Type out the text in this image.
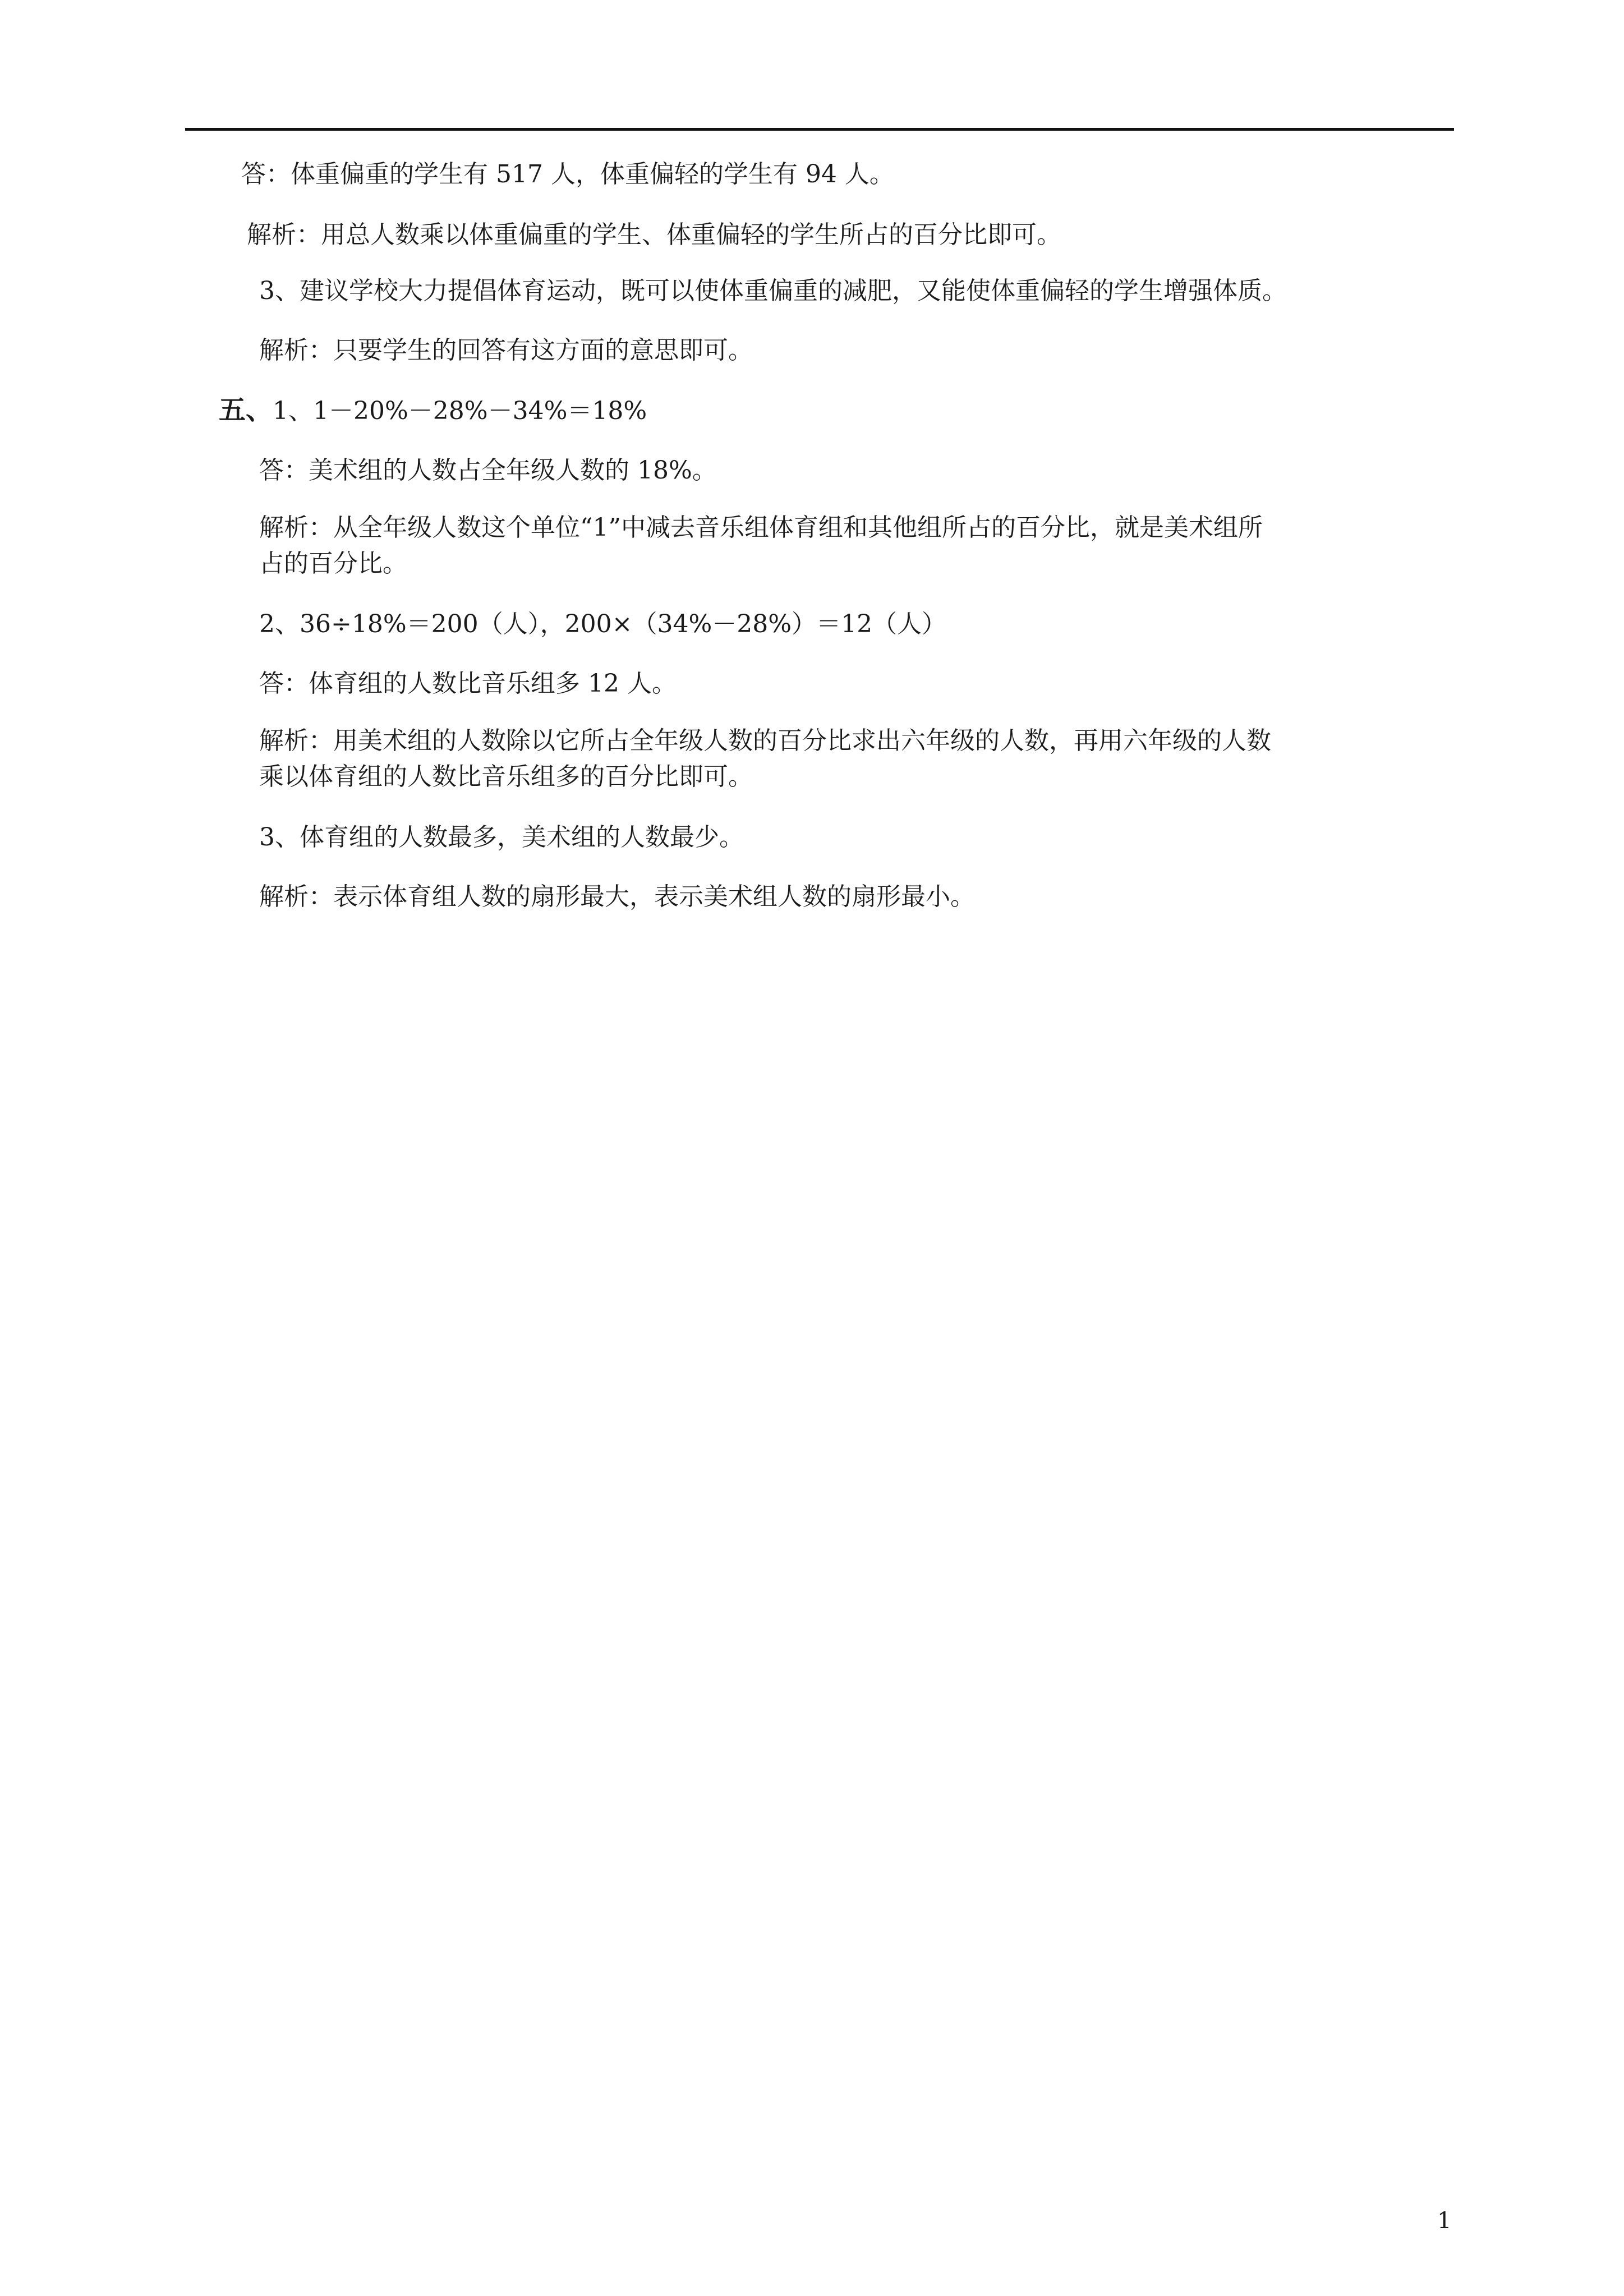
答：体重偏重的学生有 517 人，体重偏轻的学生有 94 人。
解析：用总人数乘以体重偏重的学生、体重偏轻的学生所占的百分比即可。
3、建议学校大力提倡体育运动，既可以使体重偏重的减肥，又能使体重偏轻的学生增强体质。
解析：只要学生的回答有这方面的意思即可。
五、1、1－20%－28%－34%＝18%
答：美术组的人数占全年级人数的 18%。
解析：从全年级人数这个单位“1”中减去音乐组体育组和其他组所占的百分比，就是美术组所
占的百分比。
2、36÷18%＝200（人），200×（34%－28%）＝12（人）
答：体育组的人数比音乐组多 12 人。
解析：用美术组的人数除以它所占全年级人数的百分比求出六年级的人数，再用六年级的人数
乘以体育组的人数比音乐组多的百分比即可。
3、体育组的人数最多，美术组的人数最少。
解析：表示体育组人数的扇形最大，表示美术组人数的扇形最小。
1
